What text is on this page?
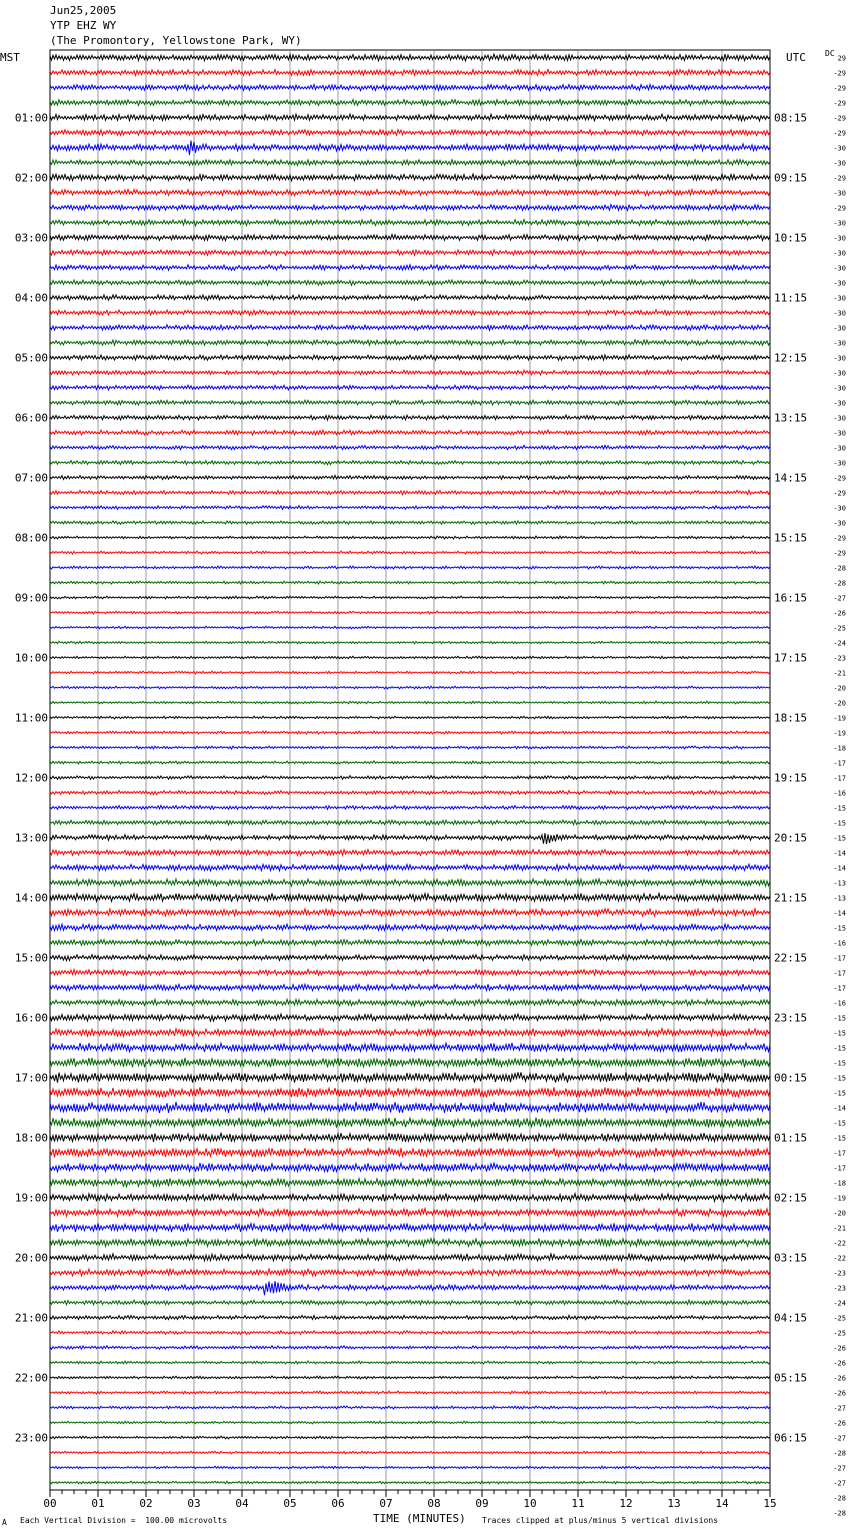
Jun25,2005
YTP EHZ WY
(The Promontory, Yellowstone Park, WY)
MST	UTC DC
00	01	02	03	04	05	06	07	08	09	10	11	12	13	14	15
01:00
02:00
03:00
04:00
05:00
06:00
07:00
08:00
09:00
10:00
11:00
12:00
13:00
14:00
15:00
16:00
17:00
18:00
19:00
20:00
21:00
22:00
23:00
08:15
09:15
10:15
11:15
12:15
13:15
14:15
15:15
16:15
17:15
18:15
19:15
20:15
21:15
22:15
23:15
00:15
01:15
02:15
03:15
04:15
05:15
06:15
29
-29
-29
-29
-29
-29
-30
-30
-29
-30
-29
-30
-30
-30
-30
-30
-30
-30
-30
-30
-30
-30
-30
-30
-30
-30
-30
-30
-29
-29
-30
-30
-29
-29
-28
-28
-27
-26
-25
-24
-23
-21
-20
-20
-19
-19
-18
-17
-17
-16
-15
-15
-15
-14
-14
-13
-13
-14
-15
-16
-17
-17
-17
-16
-15
-15
-15
-15
-15
-15
-14
-15
-15
-17
-17
-18
-19
-20
-21
-22
-22
-23
-23
-24
-25
-25
-26
-26
-26
-26
-27
-26
-27
-28
-27
-27
-28
-28
A Each Vertical Division =  100.00 microvolts	TIME (MINUTES) Traces clipped at plus/minus 5 vertical divisions
